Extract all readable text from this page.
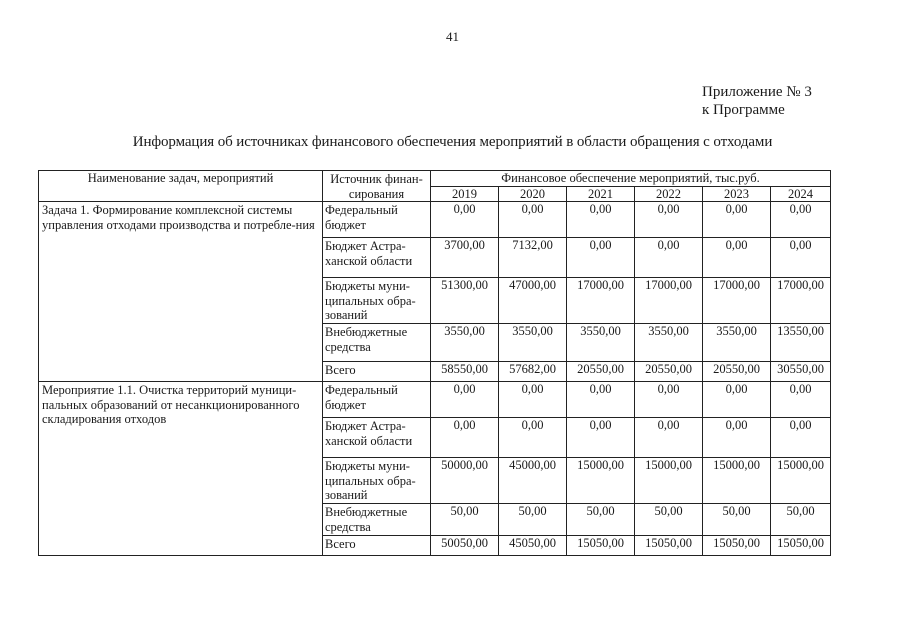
41
Приложение № 3
к Программе
Информация об источниках финансового обеспечения мероприятий в области обращения с отходами
Наименование задач, мероприятий	Источник финан-сирования	Финансовое обеспечение мероприятий, тыс.руб.					
		2019	2020	2021	2022	2023	2024
Задача 1. Формирование комплексной системы управления отходами производства и потребле-ния	Федеральный бюджет	0,00	0,00	0,00	0,00	0,00	0,00
	Бюджет Астра-ханской области	3700,00	7132,00	0,00	0,00	0,00	0,00
	Бюджеты муни-ципальных обра-зований	51300,00	47000,00	17000,00	17000,00	17000,00	17000,00
	Внебюджетные средства	3550,00	3550,00	3550,00	3550,00	3550,00	13550,00
	Всего	58550,00	57682,00	20550,00	20550,00	20550,00	30550,00
Мероприятие 1.1. Очистка территорий муници-пальных образований от несанкционированного складирования отходов	Федеральный бюджет	0,00	0,00	0,00	0,00	0,00	0,00
	Бюджет Астра-ханской области	0,00	0,00	0,00	0,00	0,00	0,00
	Бюджеты муни-ципальных обра-зований	50000,00	45000,00	15000,00	15000,00	15000,00	15000,00
	Внебюджетные средства	50,00	50,00	50,00	50,00	50,00	50,00
	Всего	50050,00	45050,00	15050,00	15050,00	15050,00	15050,00
